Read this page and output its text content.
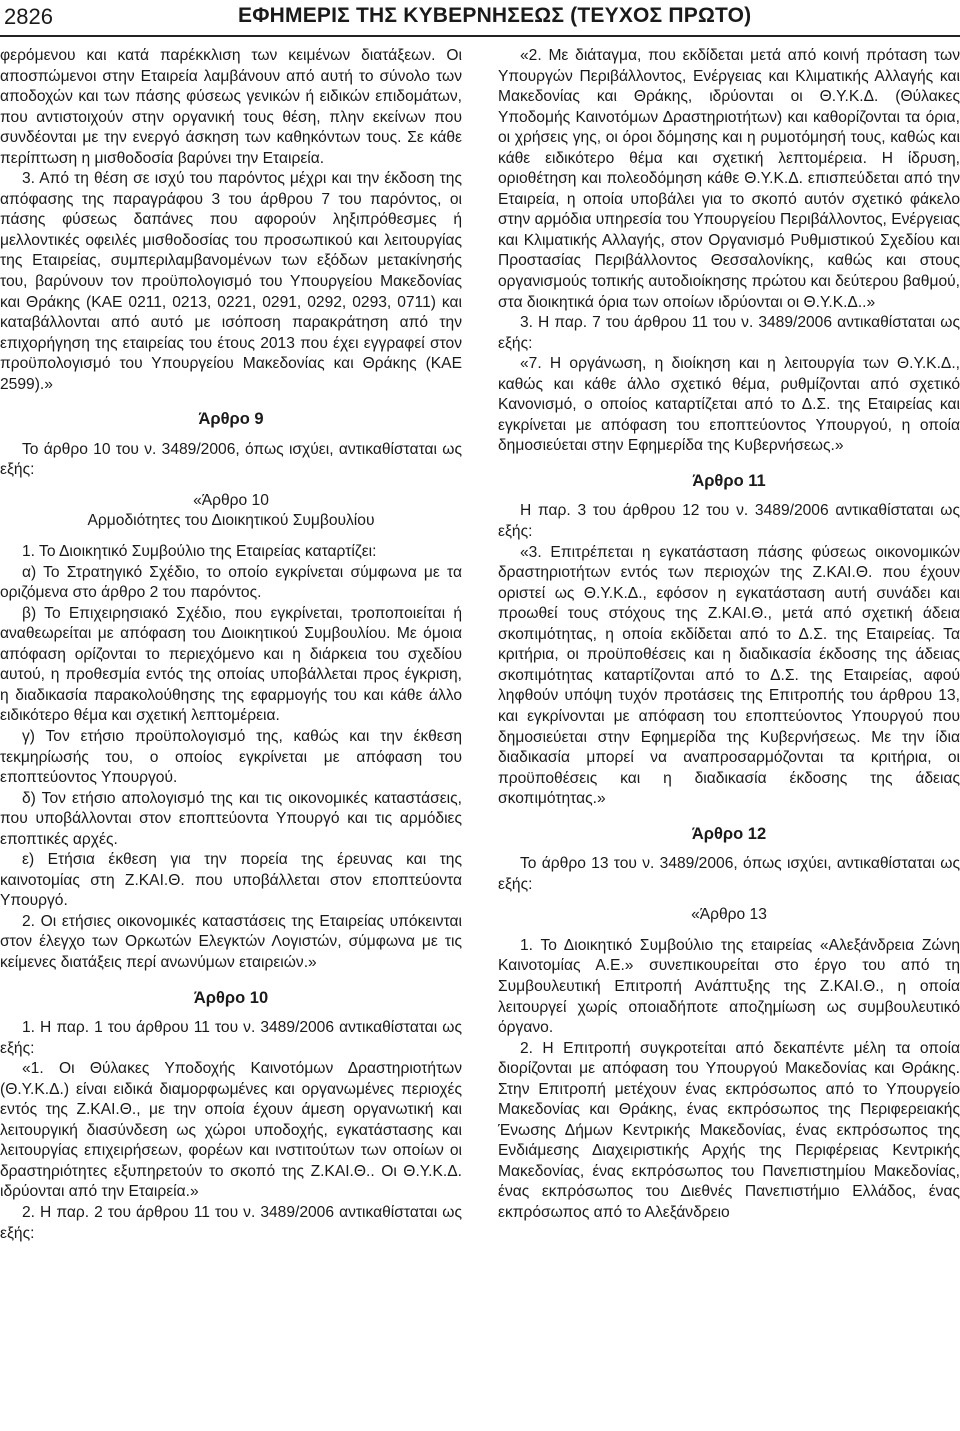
2826	ΕΦΗΜΕΡΙΣ ΤΗΣ ΚΥΒΕΡΝΗΣΕΩΣ (ΤΕΥΧΟΣ ΠΡΩΤΟ)

φερόμενου και κατά παρέκκλιση των κειμένων διατάξεων. Οι αποσπώμενοι στην Εταιρεία λαμβάνουν από αυτή το σύνολο των αποδοχών και των πάσης φύσεως γενικών ή ειδικών επιδομάτων, που αντιστοιχούν στην οργανική τους θέση, πλην εκείνων που συνδέονται με την ενεργό άσκηση των καθηκόντων τους. Σε κάθε περίπτωση η μισθοδοσία βαρύνει την Εταιρεία.

3. Από τη θέση σε ισχύ του παρόντος μέχρι και την έκδοση της απόφασης της παραγράφου 3 του άρθρου 7 του παρόντος, οι πάσης φύσεως δαπάνες που αφορούν ληξιπρόθεσμες ή μελλοντικές οφειλές μισθοδοσίας του προσωπικού και λειτουργίας της Εταιρείας, συμπεριλαμβανομένων των εξόδων μετακίνησής του, βαρύνουν τον προϋπολογισμό του Υπουργείου Μακεδονίας και Θράκης (ΚΑΕ 0211, 0213, 0221, 0291, 0292, 0293, 0711) και καταβάλλονται από αυτό με ισόποση παρακράτηση από την επιχορήγηση της εταιρείας του έτους 2013 που έχει εγγραφεί στον προϋπολογισμό του Υπουργείου Μακεδονίας και Θράκης (ΚΑΕ 2599).»

Άρθρο 9

Το άρθρο 10 του ν. 3489/2006, όπως ισχύει, αντικαθίσταται ως εξής:

«Άρθρο 10

Αρμοδιότητες του Διοικητικού Συμβουλίου

1. Το Διοικητικό Συμβούλιο της Εταιρείας καταρτίζει:

α) Το Στρατηγικό Σχέδιο, το οποίο εγκρίνεται σύμφωνα με τα οριζόμενα στο άρθρο 2 του παρόντος.

β) Το Επιχειρησιακό Σχέδιο, που εγκρίνεται, τροποποιείται ή αναθεωρείται με απόφαση του Διοικητικού Συμβουλίου. Με όμοια απόφαση ορίζονται το περιεχόμενο και η διάρκεια του σχεδίου αυτού, η προθεσμία εντός της οποίας υποβάλλεται προς έγκριση, η διαδικασία παρακολούθησης της εφαρμογής του και κάθε άλλο ειδικότερο θέμα και σχετική λεπτομέρεια.

γ) Τον ετήσιο προϋπολογισμό της, καθώς και την έκθεση τεκμηρίωσής του, ο οποίος εγκρίνεται με απόφαση του εποπτεύοντος Υπουργού.

δ) Τον ετήσιο απολογισμό της και τις οικονομικές καταστάσεις, που υποβάλλονται στον εποπτεύοντα Υπουργό και τις αρμόδιες εποπτικές αρχές.

ε) Ετήσια έκθεση για την πορεία της έρευνας και της καινοτομίας στη Ζ.ΚΑΙ.Θ. που υποβάλλεται στον εποπτεύοντα Υπουργό.

2. Οι ετήσιες οικονομικές καταστάσεις της Εταιρείας υπόκεινται στον έλεγχο των Ορκωτών Ελεγκτών Λογιστών, σύμφωνα με τις κείμενες διατάξεις περί ανωνύμων εταιρειών.»

Άρθρο 10

1. Η παρ. 1 του άρθρου 11 του ν. 3489/2006 αντικαθίσταται ως εξής:

«1. Οι Θύλακες Υποδοχής Καινοτόμων Δραστηριοτήτων (Θ.Υ.Κ.Δ.) είναι ειδικά διαμορφωμένες και οργανωμένες περιοχές εντός της Ζ.ΚΑΙ.Θ., με την οποία έχουν άμεση οργανωτική και λειτουργική διασύνδεση ως χώροι υποδοχής, εγκατάστασης και λειτουργίας επιχειρήσεων, φορέων και ινστιτούτων των οποίων οι δραστηριότητες εξυπηρετούν το σκοπό της Ζ.ΚΑΙ.Θ.. Οι Θ.Υ.Κ.Δ. ιδρύονται από την Εταιρεία.»

2. Η παρ. 2 του άρθρου 11 του ν. 3489/2006 αντικαθίσταται ως εξής:

«2. Με διάταγμα, που εκδίδεται μετά από κοινή πρόταση των Υπουργών Περιβάλλοντος, Ενέργειας και Κλιματικής Αλλαγής και Μακεδονίας και Θράκης, ιδρύονται οι Θ.Υ.Κ.Δ. (Θύλακες Υποδομής Καινοτόμων Δραστηριοτήτων) και καθορίζονται τα όρια, οι χρήσεις γης, οι όροι δόμησης και η ρυμοτόμησή τους, καθώς και κάθε ειδικότερο θέμα και σχετική λεπτομέρεια. Η ίδρυση, οριοθέτηση και πολεοδόμηση κάθε Θ.Υ.Κ.Δ. επισπεύδεται από την Εταιρεία, η οποία υποβάλει για το σκοπό αυτόν σχετικό φάκελο στην αρμόδια υπηρεσία του Υπουργείου Περιβάλλοντος, Ενέργειας και Κλιματικής Αλλαγής, στον Οργανισμό Ρυθμιστικού Σχεδίου και Προστασίας Περιβάλλοντος Θεσσαλονίκης, καθώς και στους οργανισμούς τοπικής αυτοδιοίκησης πρώτου και δεύτερου βαθμού, στα διοικητικά όρια των οποίων ιδρύονται οι Θ.Υ.Κ.Δ..»

3. Η παρ. 7 του άρθρου 11 του ν. 3489/2006 αντικαθίσταται ως εξής:

«7. Η οργάνωση, η διοίκηση και η λειτουργία των Θ.Υ.Κ.Δ., καθώς και κάθε άλλο σχετικό θέμα, ρυθμίζονται από σχετικό Κανονισμό, ο οποίος καταρτίζεται από το Δ.Σ. της Εταιρείας και εγκρίνεται με απόφαση του εποπτεύοντος Υπουργού, η οποία δημοσιεύεται στην Εφημερίδα της Κυβερνήσεως.»

Άρθρο 11

Η παρ. 3 του άρθρου 12 του ν. 3489/2006 αντικαθίσταται ως εξής:

«3. Επιτρέπεται η εγκατάσταση πάσης φύσεως οικονομικών δραστηριοτήτων εντός των περιοχών της Ζ.ΚΑΙ.Θ. που έχουν οριστεί ως Θ.Υ.Κ.Δ., εφόσον η εγκατάσταση αυτή συνάδει και προωθεί τους στόχους της Ζ.ΚΑΙ.Θ., μετά από σχετική άδεια σκοπιμότητας, η οποία εκδίδεται από το Δ.Σ. της Εταιρείας. Τα κριτήρια, οι προϋποθέσεις και η διαδικασία έκδοσης της άδειας σκοπιμότητας καταρτίζονται από το Δ.Σ. της Εταιρείας, αφού ληφθούν υπόψη τυχόν προτάσεις της Επιτροπής του άρθρου 13, και εγκρίνονται με απόφαση του εποπτεύοντος Υπουργού που δημοσιεύεται στην Εφημερίδα της Κυβερνήσεως. Με την ίδια διαδικασία μπορεί να αναπροσαρμόζονται τα κριτήρια, οι προϋποθέσεις και η διαδικασία έκδοσης της άδειας σκοπιμότητας.»

Άρθρο 12

Το άρθρο 13 του ν. 3489/2006, όπως ισχύει, αντικαθίσταται ως εξής:

«Άρθρο 13

1. Το Διοικητικό Συμβούλιο της εταιρείας «Αλεξάνδρεια Ζώνη Καινοτομίας Α.Ε.» συνεπικουρείται στο έργο του από τη Συμβουλευτική Επιτροπή Ανάπτυξης της Ζ.ΚΑΙ.Θ., η οποία λειτουργεί χωρίς οποιαδήποτε αποζημίωση ως συμβουλευτικό όργανο.

2. Η Επιτροπή συγκροτείται από δεκαπέντε μέλη τα οποία διορίζονται με απόφαση του Υπουργού Μακεδονίας και Θράκης. Στην Επιτροπή μετέχουν ένας εκπρόσωπος από το Υπουργείο Μακεδονίας και Θράκης, ένας εκπρόσωπος της Περιφερειακής Ένωσης Δήμων Κεντρικής Μακεδονίας, ένας εκπρόσωπος της Ενδιάμεσης Διαχειριστικής Αρχής της Περιφέρειας Κεντρικής Μακεδονίας, ένας εκπρόσωπος του Πανεπιστημίου Μακεδονίας, ένας εκπρόσωπος του Διεθνές Πανεπιστήμιο Ελλάδος, ένας εκπρόσωπος από το Αλεξάνδρειο
